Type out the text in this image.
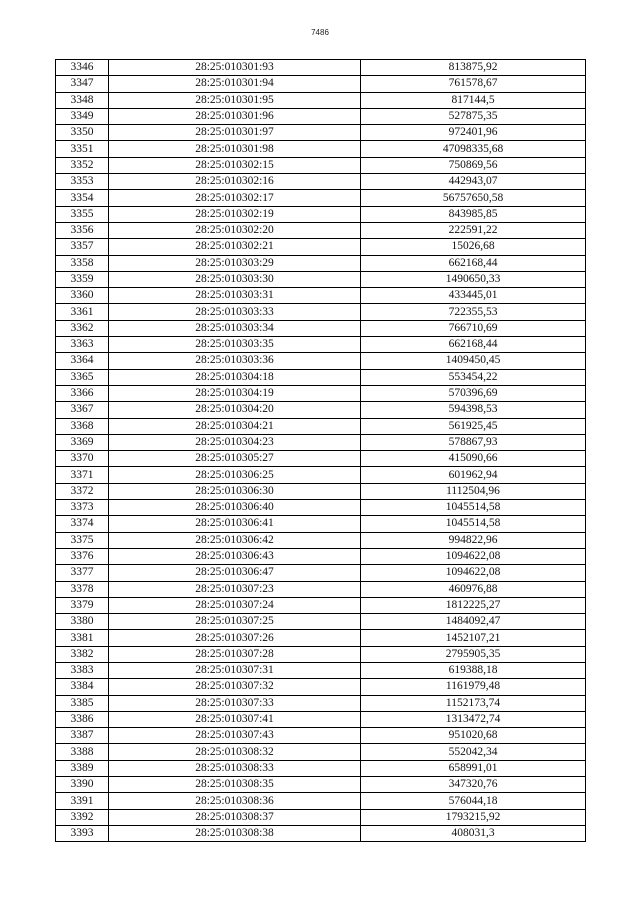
7486
3346	28:25:010301:93	813875,92
3347	28:25:010301:94	761578,67
3348	28:25:010301:95	817144,5
3349	28:25:010301:96	527875,35
3350	28:25:010301:97	972401,96
3351	28:25:010301:98	47098335,68
3352	28:25:010302:15	750869,56
3353	28:25:010302:16	442943,07
3354	28:25:010302:17	56757650,58
3355	28:25:010302:19	843985,85
3356	28:25:010302:20	222591,22
3357	28:25:010302:21	15026,68
3358	28:25:010303:29	662168,44
3359	28:25:010303:30	1490650,33
3360	28:25:010303:31	433445,01
3361	28:25:010303:33	722355,53
3362	28:25:010303:34	766710,69
3363	28:25:010303:35	662168,44
3364	28:25:010303:36	1409450,45
3365	28:25:010304:18	553454,22
3366	28:25:010304:19	570396,69
3367	28:25:010304:20	594398,53
3368	28:25:010304:21	561925,45
3369	28:25:010304:23	578867,93
3370	28:25:010305:27	415090,66
3371	28:25:010306:25	601962,94
3372	28:25:010306:30	1112504,96
3373	28:25:010306:40	1045514,58
3374	28:25:010306:41	1045514,58
3375	28:25:010306:42	994822,96
3376	28:25:010306:43	1094622,08
3377	28:25:010306:47	1094622,08
3378	28:25:010307:23	460976,88
3379	28:25:010307:24	1812225,27
3380	28:25:010307:25	1484092,47
3381	28:25:010307:26	1452107,21
3382	28:25:010307:28	2795905,35
3383	28:25:010307:31	619388,18
3384	28:25:010307:32	1161979,48
3385	28:25:010307:33	1152173,74
3386	28:25:010307:41	1313472,74
3387	28:25:010307:43	951020,68
3388	28:25:010308:32	552042,34
3389	28:25:010308:33	658991,01
3390	28:25:010308:35	347320,76
3391	28:25:010308:36	576044,18
3392	28:25:010308:37	1793215,92
3393	28:25:010308:38	408031,3
